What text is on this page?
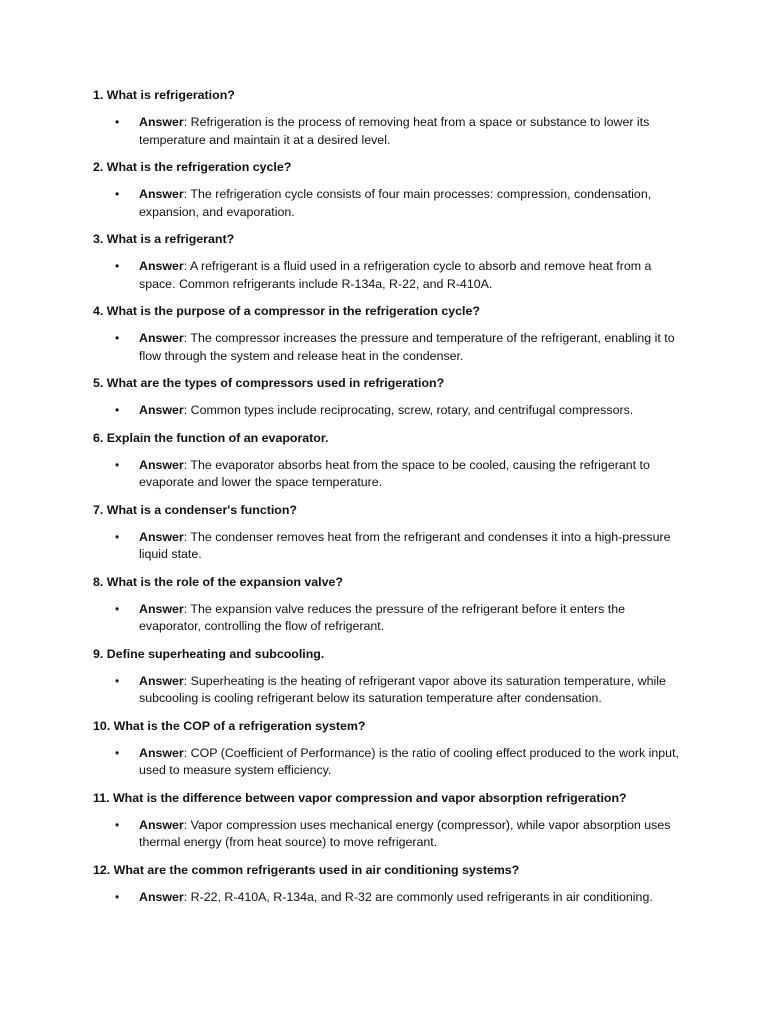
1. What is refrigeration?
• Answer: Refrigeration is the process of removing heat from a space or substance to lower its temperature and maintain it at a desired level.
2. What is the refrigeration cycle?
• Answer: The refrigeration cycle consists of four main processes: compression, condensation, expansion, and evaporation.
3. What is a refrigerant?
• Answer: A refrigerant is a fluid used in a refrigeration cycle to absorb and remove heat from a space. Common refrigerants include R-134a, R-22, and R-410A.
4. What is the purpose of a compressor in the refrigeration cycle?
• Answer: The compressor increases the pressure and temperature of the refrigerant, enabling it to flow through the system and release heat in the condenser.
5. What are the types of compressors used in refrigeration?
• Answer: Common types include reciprocating, screw, rotary, and centrifugal compressors.
6. Explain the function of an evaporator.
• Answer: The evaporator absorbs heat from the space to be cooled, causing the refrigerant to evaporate and lower the space temperature.
7. What is a condenser's function?
• Answer: The condenser removes heat from the refrigerant and condenses it into a high-pressure liquid state.
8. What is the role of the expansion valve?
• Answer: The expansion valve reduces the pressure of the refrigerant before it enters the evaporator, controlling the flow of refrigerant.
9. Define superheating and subcooling.
• Answer: Superheating is the heating of refrigerant vapor above its saturation temperature, while subcooling is cooling refrigerant below its saturation temperature after condensation.
10. What is the COP of a refrigeration system?
• Answer: COP (Coefficient of Performance) is the ratio of cooling effect produced to the work input, used to measure system efficiency.
11. What is the difference between vapor compression and vapor absorption refrigeration?
• Answer: Vapor compression uses mechanical energy (compressor), while vapor absorption uses thermal energy (from heat source) to move refrigerant.
12. What are the common refrigerants used in air conditioning systems?
• Answer: R-22, R-410A, R-134a, and R-32 are commonly used refrigerants in air conditioning.
